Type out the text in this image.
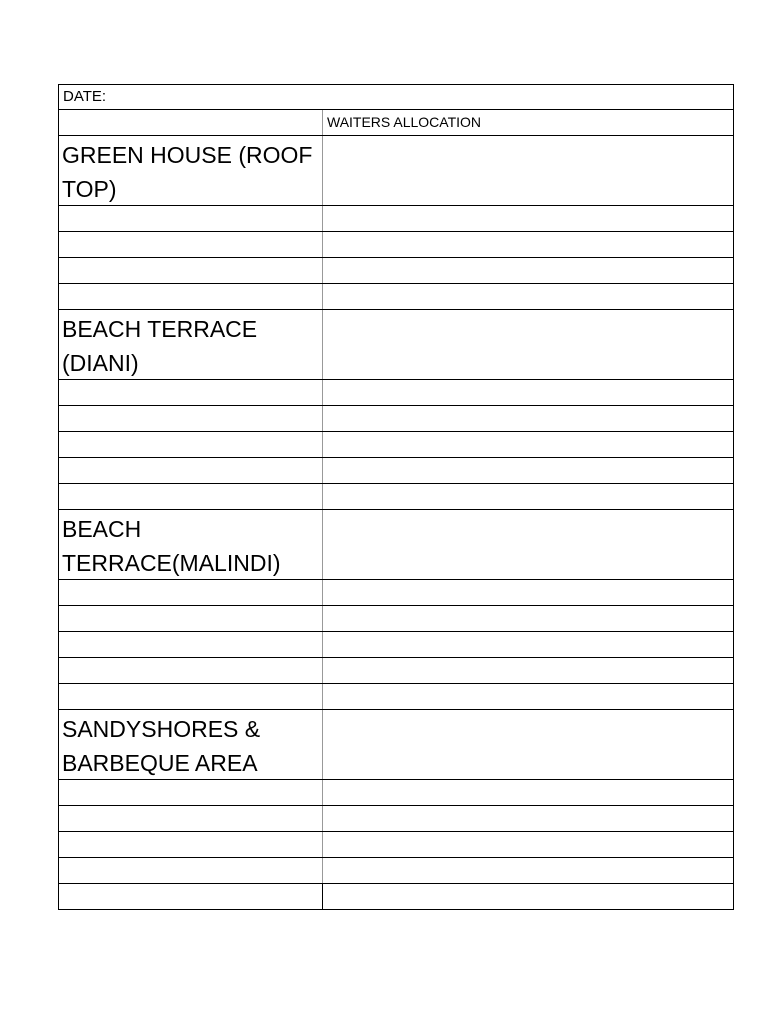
DATE:
WAITERS ALLOCATION
GREEN HOUSE (ROOF TOP)
BEACH TERRACE (DIANI)
BEACH TERRACE(MALINDI)
SANDYSHORES & BARBEQUE AREA
